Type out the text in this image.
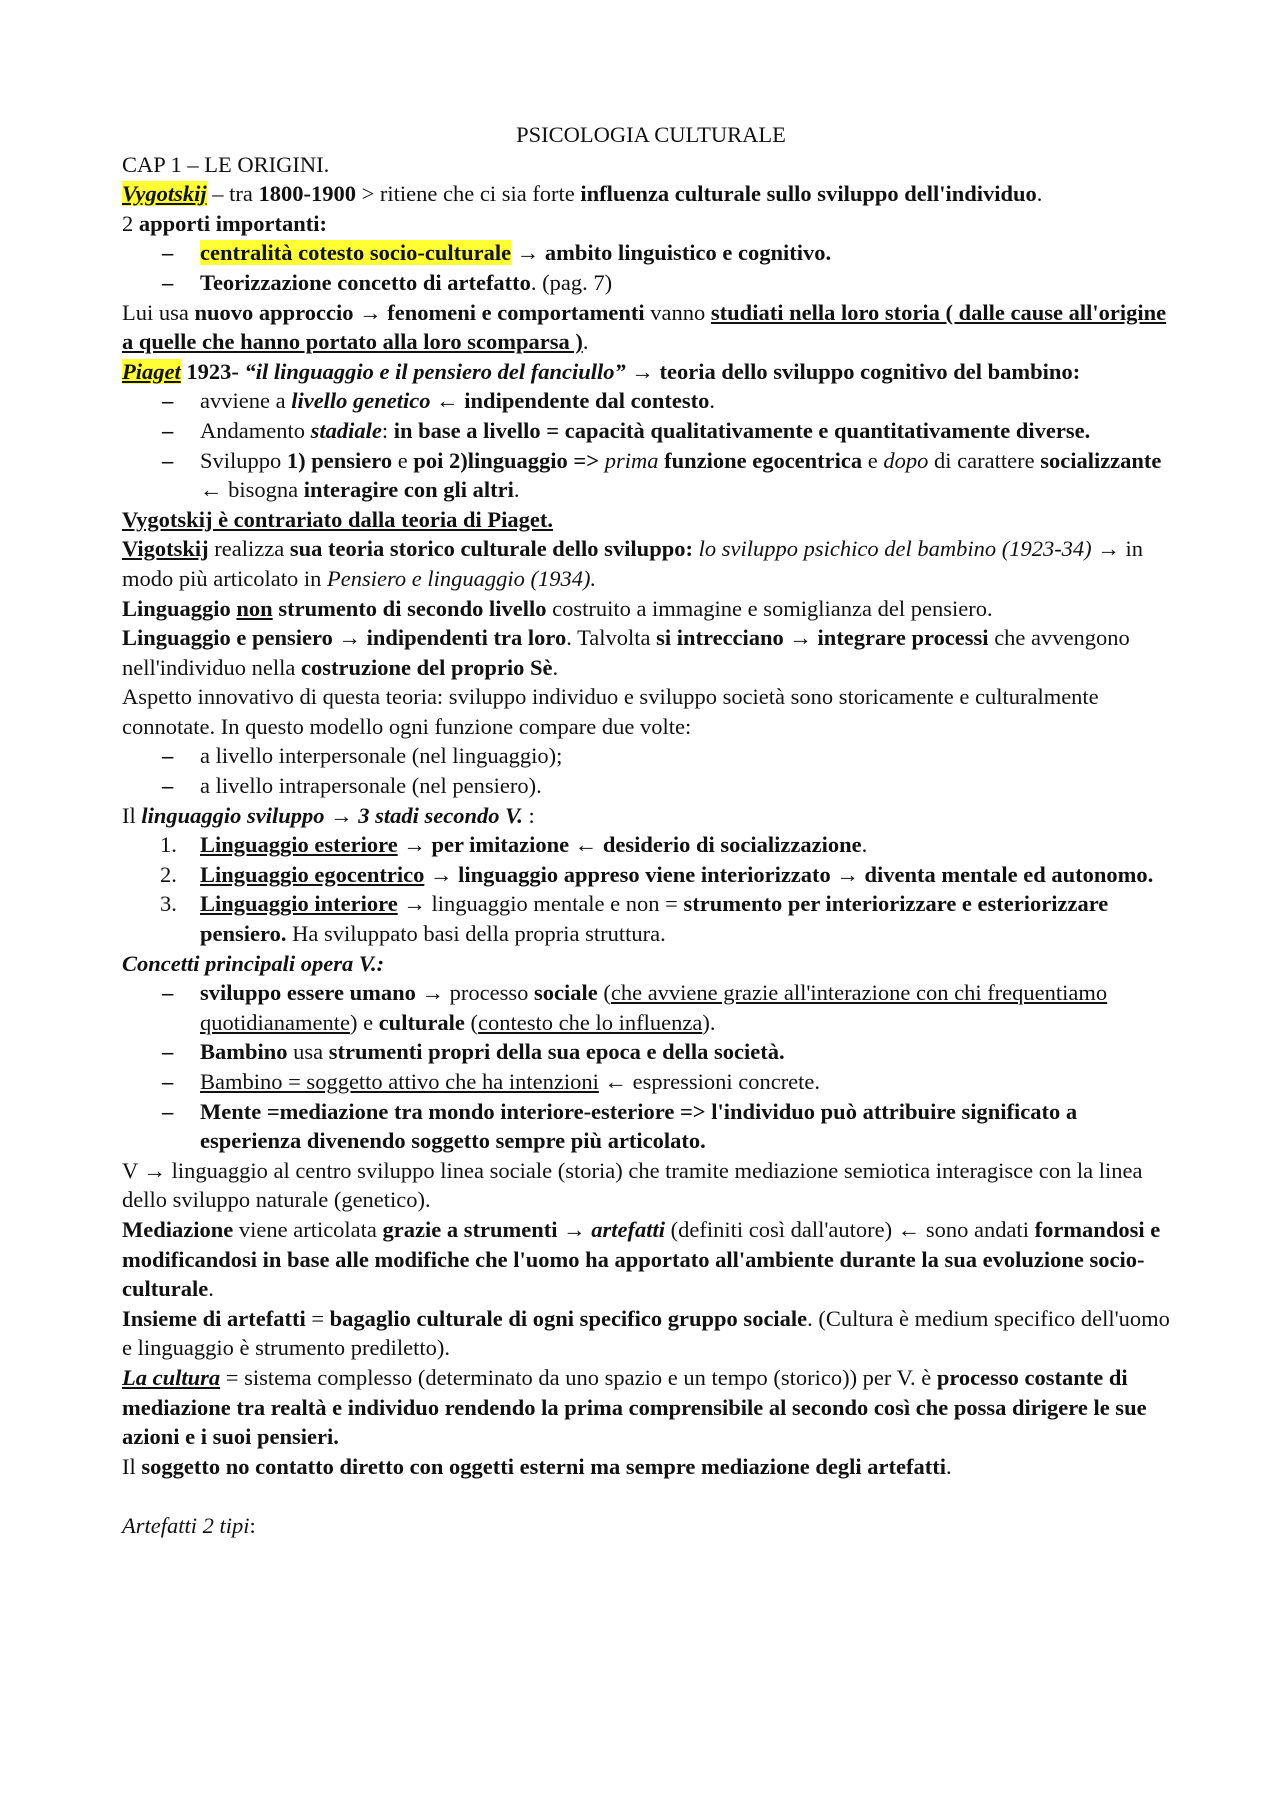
PSICOLOGIA CULTURALE

CAP 1 – LE ORIGINI.

Vygotskij – tra 1800-1900 > ritiene che ci sia forte influenza culturale sullo sviluppo dell'individuo.

2 apporti importanti:

– centralità cotesto socio-culturale → ambito linguistico e cognitivo.
– Teorizzazione concetto di artefatto. (pag. 7)

Lui usa nuovo approccio → fenomeni e comportamenti vanno studiati nella loro storia ( dalle cause all'origine a quelle che hanno portato alla loro scomparsa ).

Piaget 1923- “il linguaggio e il pensiero del fanciullo” → teoria dello sviluppo cognitivo del bambino:

– avviene a livello genetico ← indipendente dal contesto.
– Andamento stadiale: in base a livello = capacità qualitativamente e quantitativamente diverse.
– Sviluppo 1) pensiero e poi 2)linguaggio => prima funzione egocentrica e dopo di carattere socializzante ← bisogna interagire con gli altri.

Vygotskij è contrariato dalla teoria di Piaget.

Vigotskij realizza sua teoria storico culturale dello sviluppo: lo sviluppo psichico del bambino (1923-34) → in modo più articolato in Pensiero e linguaggio (1934).

Linguaggio non strumento di secondo livello costruito a immagine e somiglianza del pensiero.

Linguaggio e pensiero → indipendenti tra loro. Talvolta si intrecciano → integrare processi che avvengono nell'individuo nella costruzione del proprio Sè.

Aspetto innovativo di questa teoria: sviluppo individuo e sviluppo società sono storicamente e culturalmente connotate. In questo modello ogni funzione compare due volte:

– a livello interpersonale (nel linguaggio);
– a livello intrapersonale (nel pensiero).

Il linguaggio sviluppo → 3 stadi secondo V. :

1. Linguaggio esteriore → per imitazione ← desiderio di socializzazione.
2. Linguaggio egocentrico → linguaggio appreso viene interiorizzato → diventa mentale ed autonomo.
3. Linguaggio interiore → linguaggio mentale e non = strumento per interiorizzare e esteriorizzare pensiero. Ha sviluppato basi della propria struttura.

Concetti principali opera V.:

– sviluppo essere umano → processo sociale (che avviene grazie all'interazione con chi frequentiamo quotidianamente) e culturale (contesto che lo influenza).
– Bambino usa strumenti propri della sua epoca e della società.
– Bambino = soggetto attivo che ha intenzioni ← espressioni concrete.
– Mente =mediazione tra mondo interiore-esteriore => l'individuo può attribuire significato a esperienza divenendo soggetto sempre più articolato.

V → linguaggio al centro sviluppo linea sociale (storia) che tramite mediazione semiotica interagisce con la linea dello sviluppo naturale (genetico).

Mediazione viene articolata grazie a strumenti → artefatti (definiti così dall'autore) ← sono andati formandosi e modificandosi in base alle modifiche che l'uomo ha apportato all'ambiente durante la sua evoluzione socio-culturale.

Insieme di artefatti = bagaglio culturale di ogni specifico gruppo sociale. (Cultura è medium specifico dell'uomo e linguaggio è strumento prediletto).

La cultura = sistema complesso (determinato da uno spazio e un tempo (storico)) per V. è processo costante di mediazione tra realtà e individuo rendendo la prima comprensibile al secondo così che possa dirigere le sue azioni e i suoi pensieri.

Il soggetto no contatto diretto con oggetti esterni ma sempre mediazione degli artefatti.

Artefatti 2 tipi:
